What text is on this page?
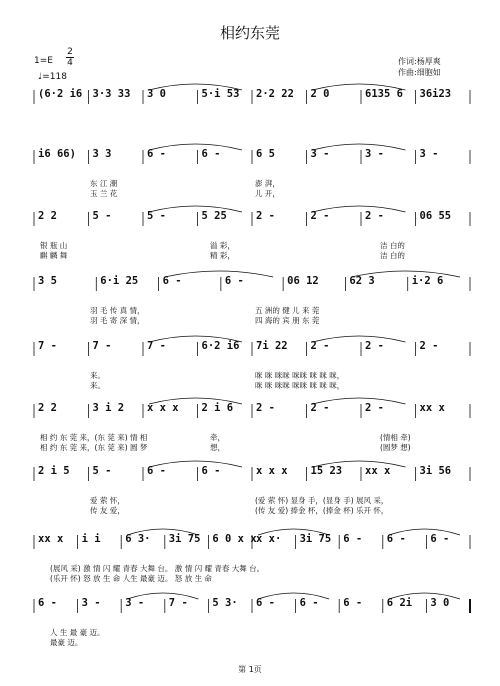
相约东莞
1=E
2
4
♩=118
作词:杨厚爽
作曲:细胞如
(6·2 i6 3·3 33 3 0	5·i 53 2·2 22 2 0	6135 6 36i23
i6 66) 3 3	6 -	6 -	6 5	3 -	3 -	3 -
东 江 潮
玉 兰 花
澎 湃，
儿 开，
2 2	5 -	5 -	5 25	2 -	2 -	2 -	06 55
银 瓶 山
麒 麟 舞
溢 彩，
精 彩，
洁 白的
洁 白的
3 5	6·i 25 6 -	6 -	06 12	62 3	i·2 6
羽 毛 传 真 情，
羽 毛 寄 深 情，
五 洲的 健 儿 来 莞
四 海的 宾 朋 东 莞
7 -	7 -	7 -	6·2 i6 7i 22 2 -	2 -	2 -
来。
来。
咪 咪 咪咪 咪咪 咪 咪 咪，
咪 咪 咪咪 咪咪 咪 咪 咪，
2 2	3 i 2 x x x 2 i 6 2 -	2 -	2 -	xx x
相 约 东 莞 来，(东 莞 来) 情 相
相 约 东 莞 来，(东 莞 来) 圆 梦
牵，
想，
(情相 牵)
(圆梦 想)
2 i 5 5 -	6 -	6 -	x x x 15 23 xx x	3i 56
爱 萦 怀，
传 友 爱，
(爱 萦 怀) 显身 手，(显身 手) 展风 采，
(传 友 爱) 捧金 杯，(捧金 杯) 乐开 怀，
xx x i i 6 3· 3i 75 6 0 x x x x· 3i 75 6 - 6 - 6 -
(展风 采) 激 情 闪 耀 青春 大舞 台。 激 情 闪 耀 青春 大舞 台。
(乐开 怀) 怒 放 生 命 人生 最豪 迈。 怒 放 生 命
6 - 3 - 3 - 7 - 5 3· 6 - 6 - 6 - 6 2i 3 0
人 生 最 豪 迈。
最豪 迈。
第 1页
